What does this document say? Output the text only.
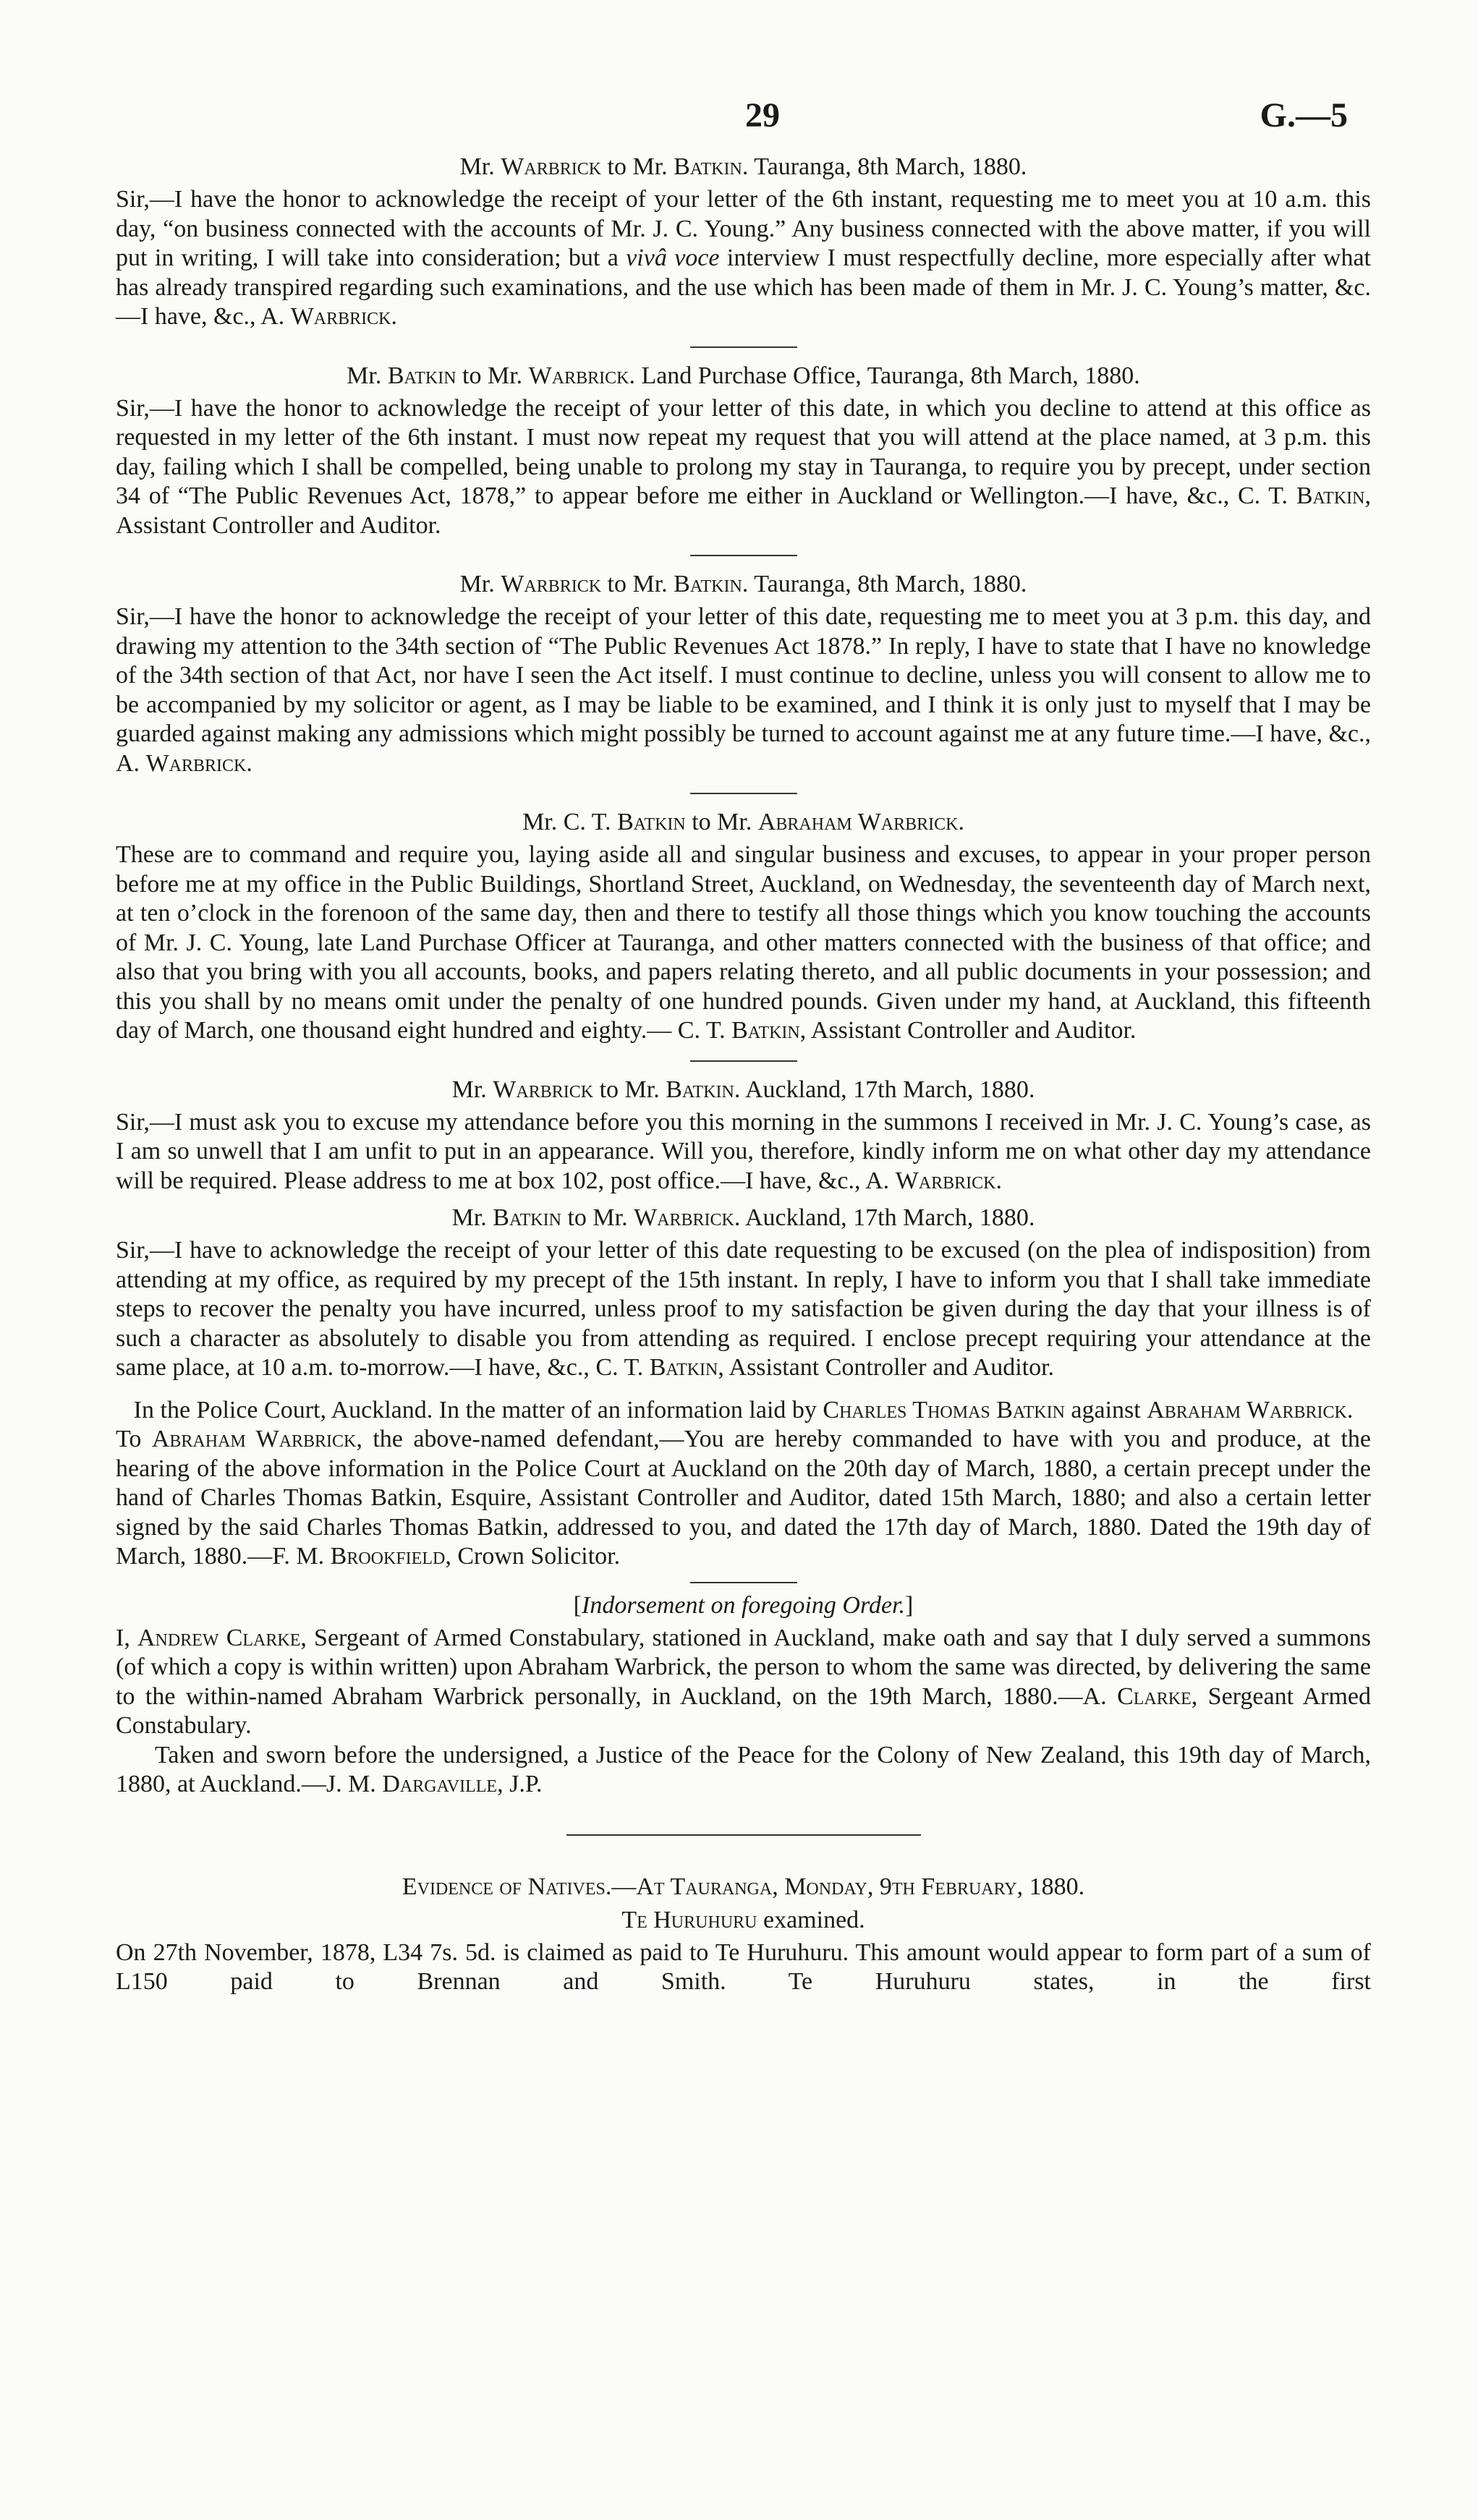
29	G.—5

Mr. Warbrick to Mr. Batkin. Tauranga, 8th March, 1880.

Sir,—I have the honor to acknowledge the receipt of your letter of the 6th instant, requesting me to meet you at 10 a.m. this day, “on business connected with the accounts of Mr. J. C. Young.” Any business connected with the above matter, if you will put in writing, I will take into consideration; but a vivâ voce interview I must respectfully decline, more especially after what has already transpired regarding such examinations, and the use which has been made of them in Mr. J. C. Young’s matter, &c.—I have, &c., A. Warbrick.

Mr. Batkin to Mr. Warbrick. Land Purchase Office, Tauranga, 8th March, 1880.

Sir,—I have the honor to acknowledge the receipt of your letter of this date, in which you decline to attend at this office as requested in my letter of the 6th instant. I must now repeat my request that you will attend at the place named, at 3 p.m. this day, failing which I shall be compelled, being unable to prolong my stay in Tauranga, to require you by precept, under section 34 of “The Public Revenues Act, 1878,” to appear before me either in Auckland or Wellington.—I have, &c., C. T. Batkin, Assistant Controller and Auditor.

Mr. Warbrick to Mr. Batkin. Tauranga, 8th March, 1880.

Sir,—I have the honor to acknowledge the receipt of your letter of this date, requesting me to meet you at 3 p.m. this day, and drawing my attention to the 34th section of “The Public Revenues Act 1878.” In reply, I have to state that I have no knowledge of the 34th section of that Act, nor have I seen the Act itself. I must continue to decline, unless you will consent to allow me to be accompanied by my solicitor or agent, as I may be liable to be examined, and I think it is only just to myself that I may be guarded against making any admissions which might possibly be turned to account against me at any future time.—I have, &c., A. Warbrick.

Mr. C. T. Batkin to Mr. Abraham Warbrick.

These are to command and require you, laying aside all and singular business and excuses, to appear in your proper person before me at my office in the Public Buildings, Shortland Street, Auckland, on Wednesday, the seventeenth day of March next, at ten o’clock in the forenoon of the same day, then and there to testify all those things which you know touching the accounts of Mr. J. C. Young, late Land Purchase Officer at Tauranga, and other matters connected with the business of that office; and also that you bring with you all accounts, books, and papers relating thereto, and all public documents in your possession; and this you shall by no means omit under the penalty of one hundred pounds. Given under my hand, at Auckland, this fifteenth day of March, one thousand eight hundred and eighty.— C. T. Batkin, Assistant Controller and Auditor.

Mr. Warbrick to Mr. Batkin. Auckland, 17th March, 1880.

Sir,—I must ask you to excuse my attendance before you this morning in the summons I received in Mr. J. C. Young’s case, as I am so unwell that I am unfit to put in an appearance. Will you, therefore, kindly inform me on what other day my attendance will be required. Please address to me at box 102, post office.—I have, &c., A. Warbrick.

Mr. Batkin to Mr. Warbrick. Auckland, 17th March, 1880.

Sir,—I have to acknowledge the receipt of your letter of this date requesting to be excused (on the plea of indisposition) from attending at my office, as required by my precept of the 15th instant. In reply, I have to inform you that I shall take immediate steps to recover the penalty you have incurred, unless proof to my satisfaction be given during the day that your illness is of such a character as absolutely to disable you from attending as required. I enclose precept requiring your attendance at the same place, at 10 a.m. to-morrow.—I have, &c., C. T. Batkin, Assistant Controller and Auditor.

In the Police Court, Auckland. In the matter of an information laid by Charles Thomas Batkin against Abraham Warbrick.

To Abraham Warbrick, the above-named defendant,—You are hereby commanded to have with you and produce, at the hearing of the above information in the Police Court at Auckland on the 20th day of March, 1880, a certain precept under the hand of Charles Thomas Batkin, Esquire, Assistant Controller and Auditor, dated 15th March, 1880; and also a certain letter signed by the said Charles Thomas Batkin, addressed to you, and dated the 17th day of March, 1880. Dated the 19th day of March, 1880.—F. M. Brookfield, Crown Solicitor.

[Indorsement on foregoing Order.]

I, Andrew Clarke, Sergeant of Armed Constabulary, stationed in Auckland, make oath and say that I duly served a summons (of which a copy is within written) upon Abraham Warbrick, the person to whom the same was directed, by delivering the same to the within-named Abraham Warbrick personally, in Auckland, on the 19th March, 1880.—A. Clarke, Sergeant Armed Constabulary.

Taken and sworn before the undersigned, a Justice of the Peace for the Colony of New Zealand, this 19th day of March, 1880, at Auckland.—J. M. Dargaville, J.P.

Evidence of Natives.—At Tauranga, Monday, 9th February, 1880.

Te Huruhuru examined.

On 27th November, 1878, L34 7s. 5d. is claimed as paid to Te Huruhuru. This amount would appear to form part of a sum of L150 paid to Brennan and Smith. Te Huruhuru states, in the first
